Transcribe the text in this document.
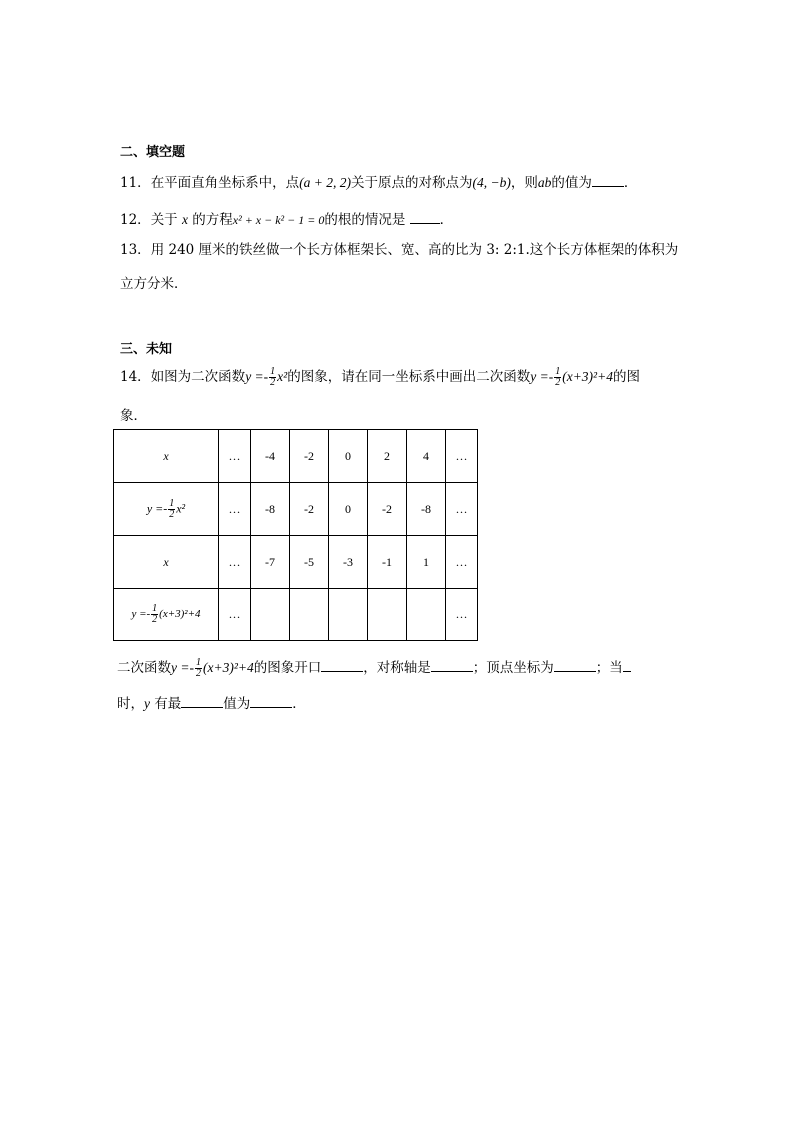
二、填空题
11．在平面直角坐标系中，点(a + 2, 2)关于原点的对称点为(4, −b)，则ab的值为 ．
12．关于 x 的方程x² + x − k² − 1 = 0的根的情况是	．
13．用 240 厘米的铁丝做一个长方体框架长、宽、高的比为 3: 2:1.这个长方体框架的体积为
立方分米．
三、未知
14．如图为二次函数$y =- \frac{1}{2} x^2$的图象，请在同一坐标系中画出二次函数$y =- \frac{1}{2} (x+3)^2+4$的图
象．
x	…	-4	-2	0	2	4	…
$y =- \frac{1}{2} x^2$	…	-8	-2	0	-2	-8	…
x	…	-7	-5	-3	-1	1	…
$y =- \frac{1}{2} (x+3)^2+4$	…						…
二次函数$y =- \frac{1}{2} (x+3)^2+4$的图象开口	，对称轴是	；顶点坐标为	；当
时，y 有最	值为	．
